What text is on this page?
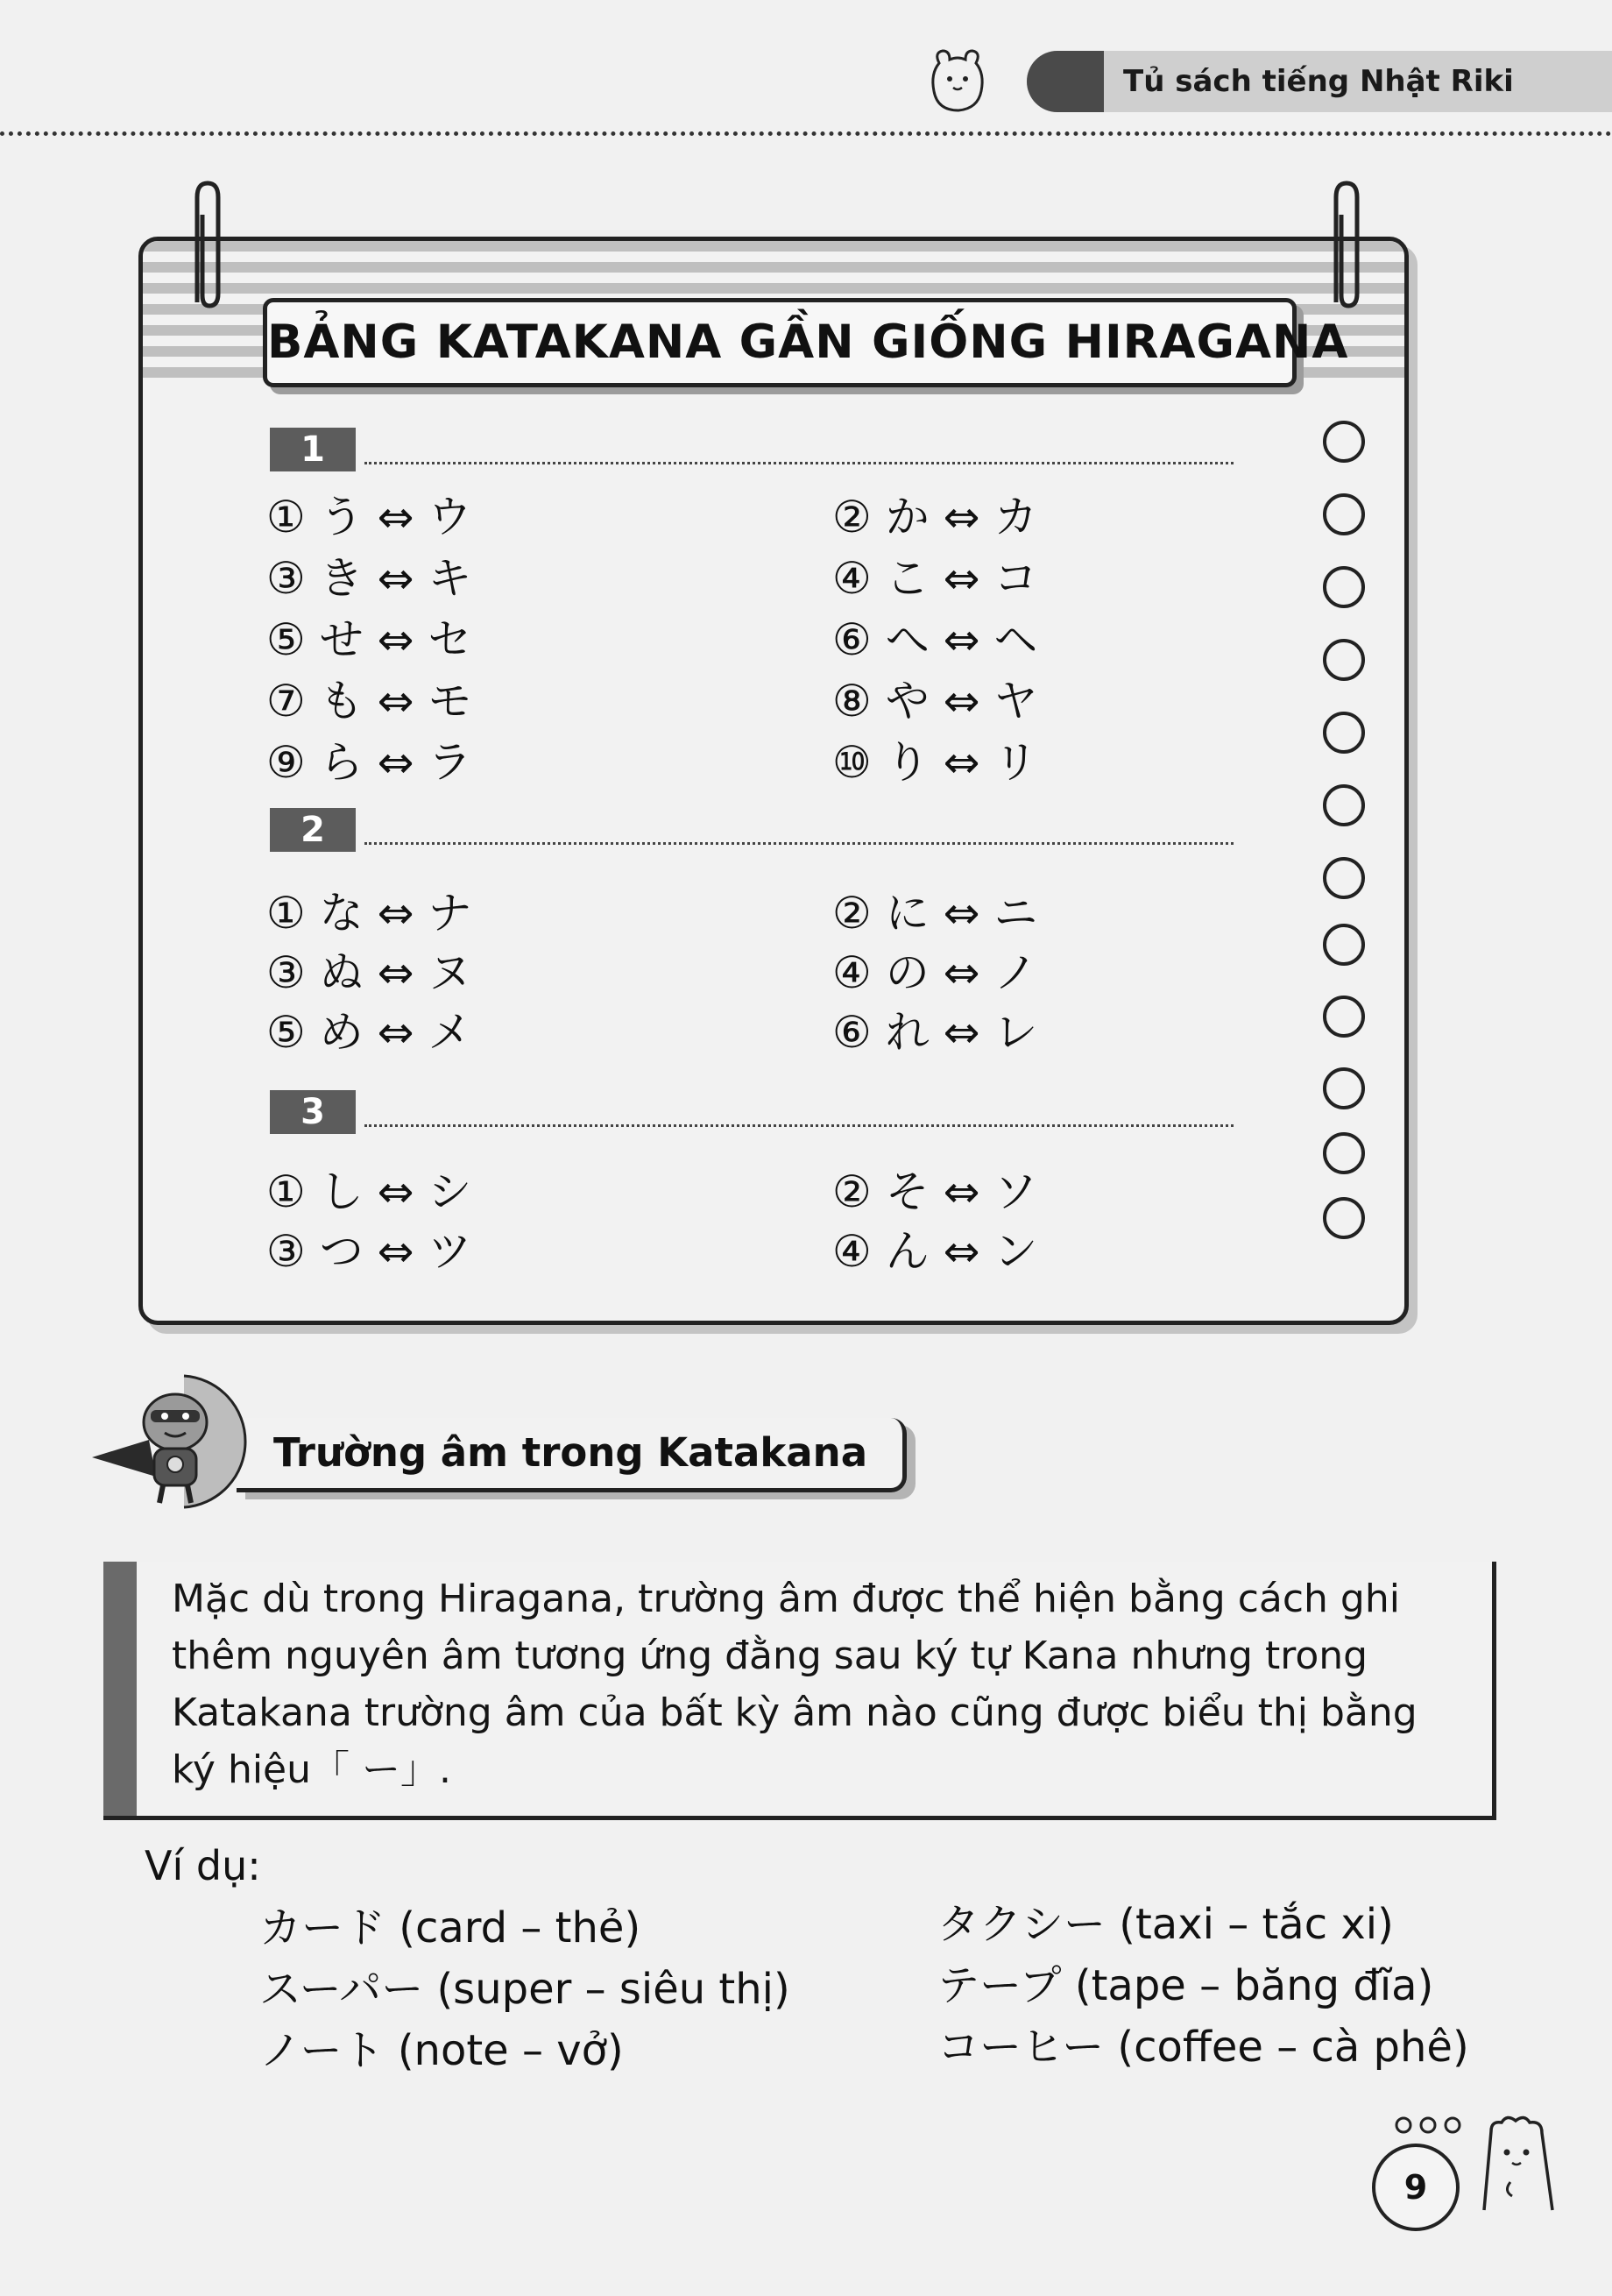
Tủ sách tiếng Nhật Riki
BẢNG KATAKANA GẦN GIỐNG HIRAGANA
1
① う ⇔ ウ	② か ⇔ カ
③ き ⇔ キ	④ こ ⇔ コ
⑤ せ ⇔ セ	⑥ へ ⇔ ヘ
⑦ も ⇔ モ	⑧ や ⇔ ヤ
⑨ ら ⇔ ラ	⑩ り ⇔ リ
2
① な ⇔ ナ	② に ⇔ ニ
③ ぬ ⇔ ヌ	④ の ⇔ ノ
⑤ め ⇔ メ	⑥ れ ⇔ レ
3
① し ⇔ シ	② そ ⇔ ソ
③ つ ⇔ ツ	④ ん ⇔ ン
Trường âm trong Katakana
Mặc dù trong Hiragana, trường âm được thể hiện bằng cách ghi thêm nguyên âm tương ứng đằng sau ký tự Kana nhưng trong Katakana trường âm của bất kỳ âm nào cũng được biểu thị bằng ký hiệu「 ー」.
Ví dụ:
カード (card – thẻ)
スーパー (super – siêu thị)
ノート (note – vở)
タクシー (taxi – tắc xi)
テープ (tape – băng đĩa)
コーヒー (coffee – cà phê)
9
